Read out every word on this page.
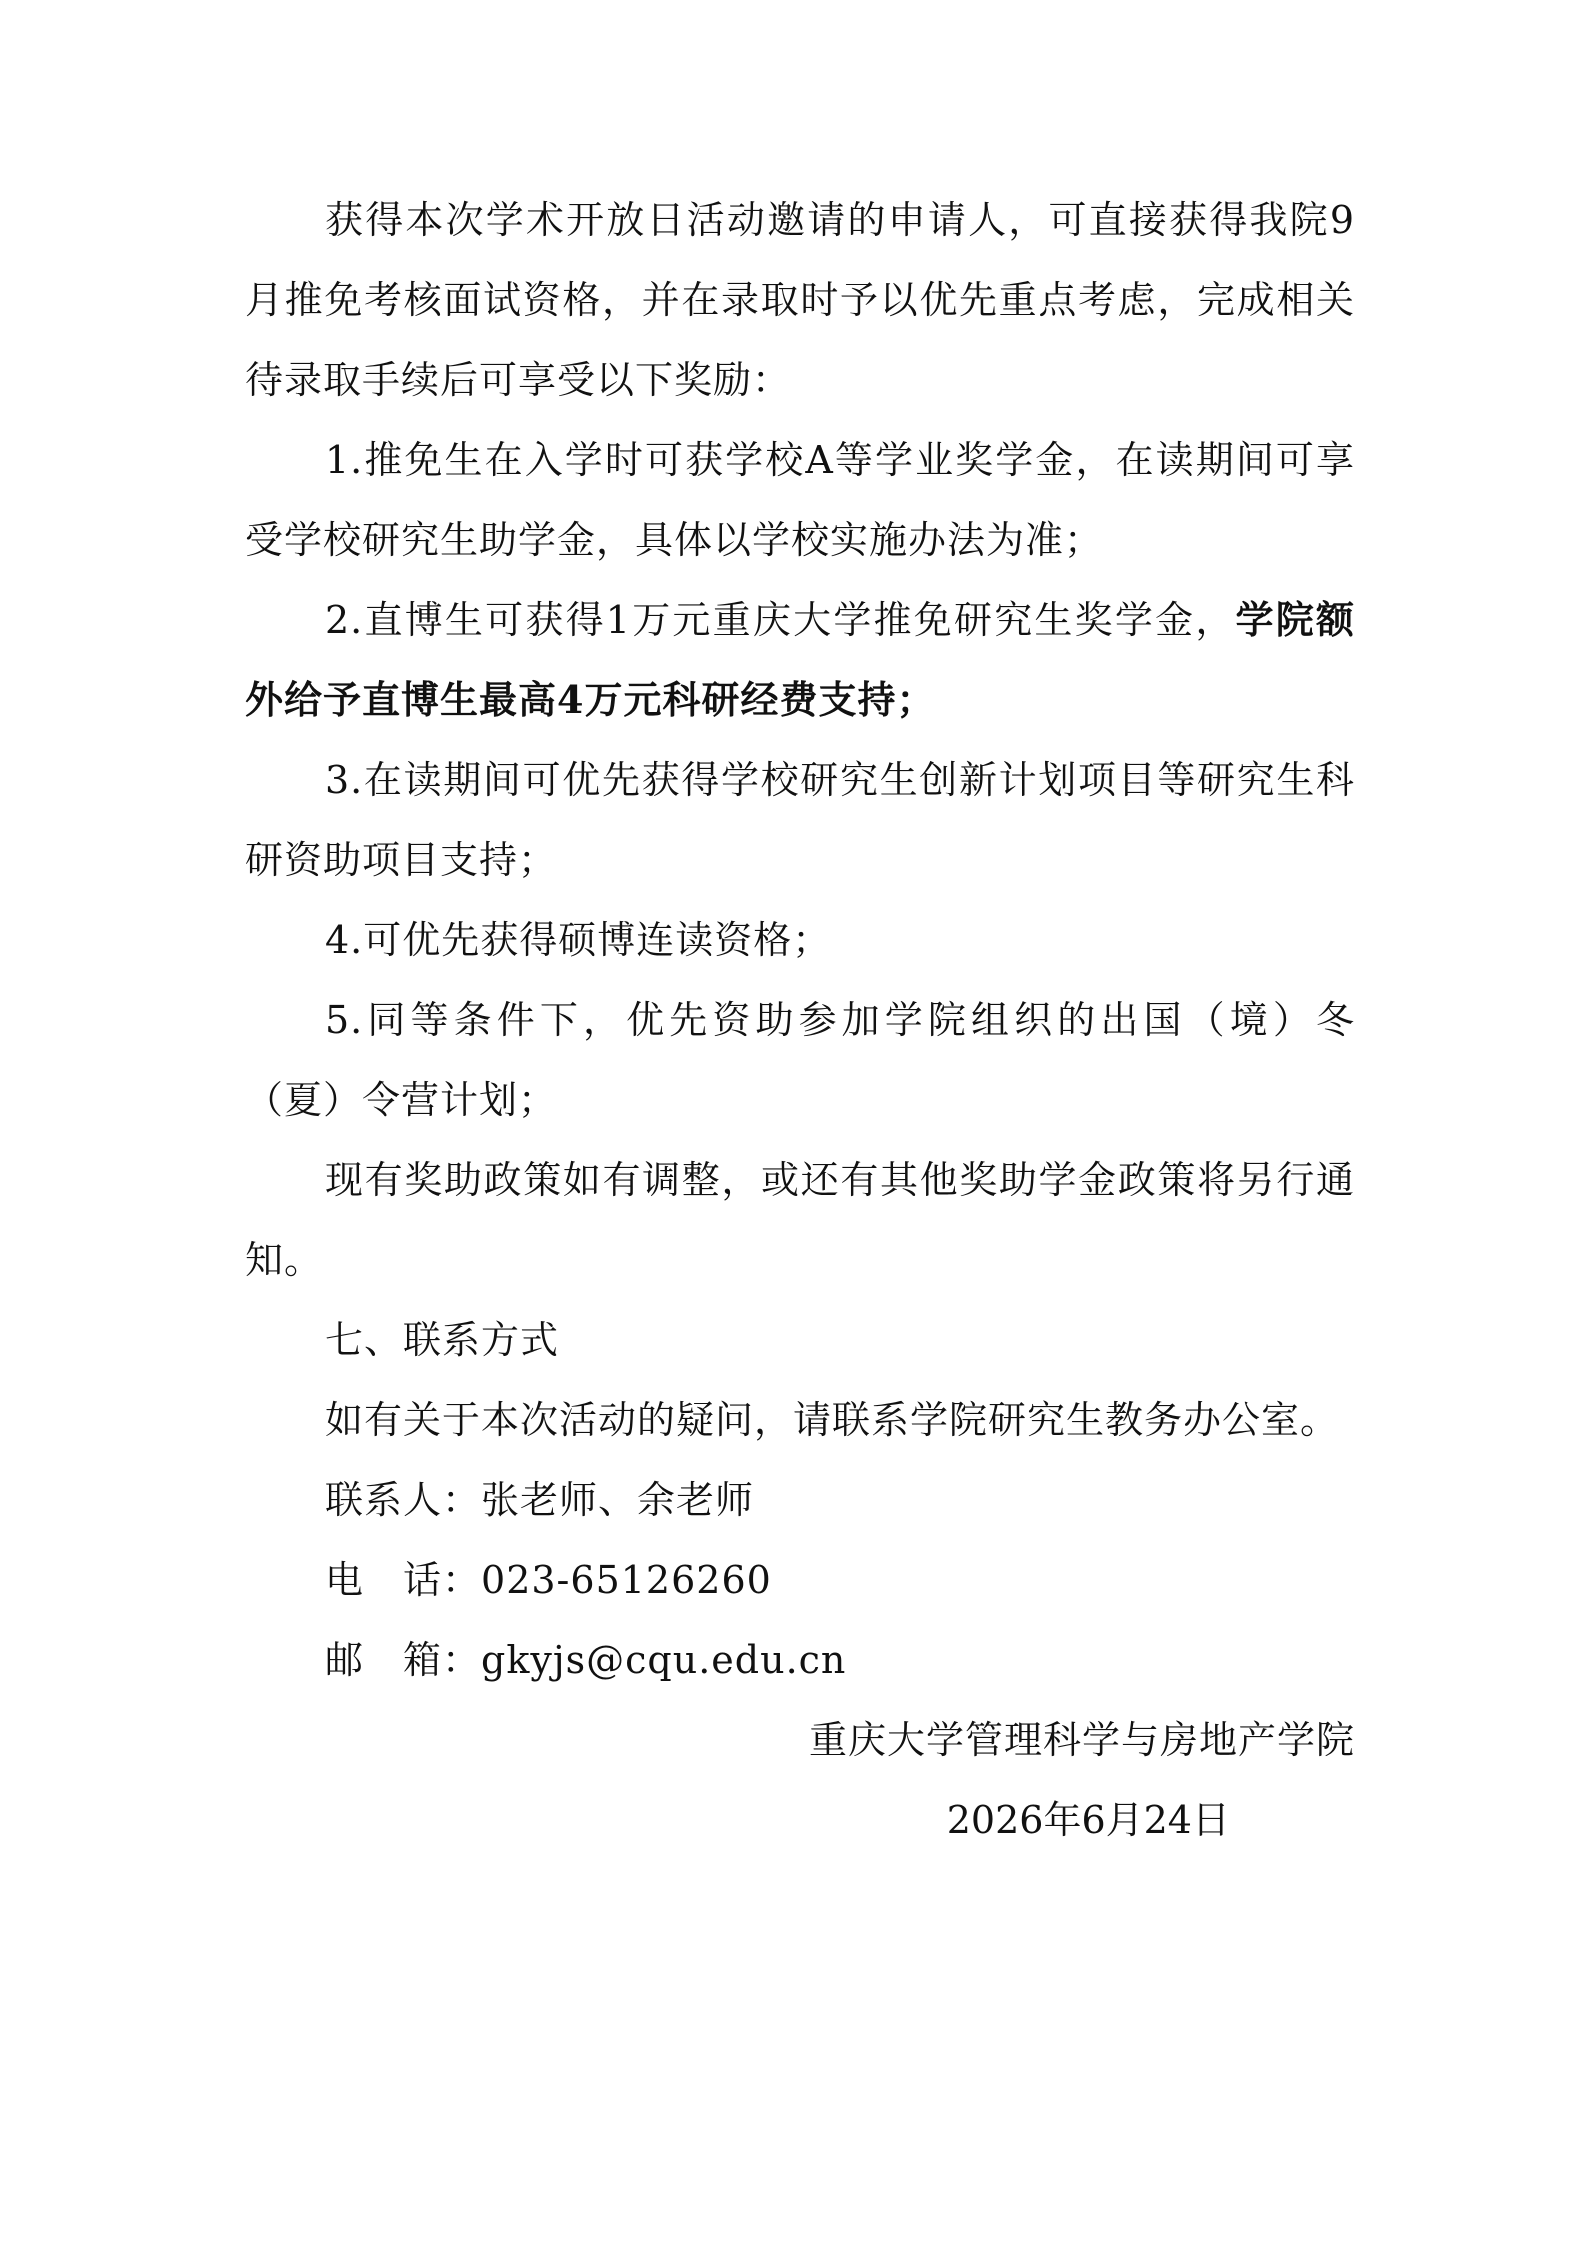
获得本次学术开放日活动邀请的申请人，可直接获得我院9月推免考核面试资格，并在录取时予以优先重点考虑，完成相关待录取手续后可享受以下奖励：

1.推免生在入学时可获学校A等学业奖学金，在读期间可享受学校研究生助学金，具体以学校实施办法为准；

2.直博生可获得1万元重庆大学推免研究生奖学金，学院额外给予直博生最高4万元科研经费支持；

3.在读期间可优先获得学校研究生创新计划项目等研究生科研资助项目支持；

4.可优先获得硕博连读资格；

5.同等条件下，优先资助参加学院组织的出国（境）冬（夏）令营计划；

现有奖助政策如有调整，或还有其他奖助学金政策将另行通知。

七、联系方式

如有关于本次活动的疑问，请联系学院研究生教务办公室。

联系人：张老师、余老师

电　话：023-65126260

邮　箱：gkyjs@cqu.edu.cn

重庆大学管理科学与房地产学院

2026年6月24日
